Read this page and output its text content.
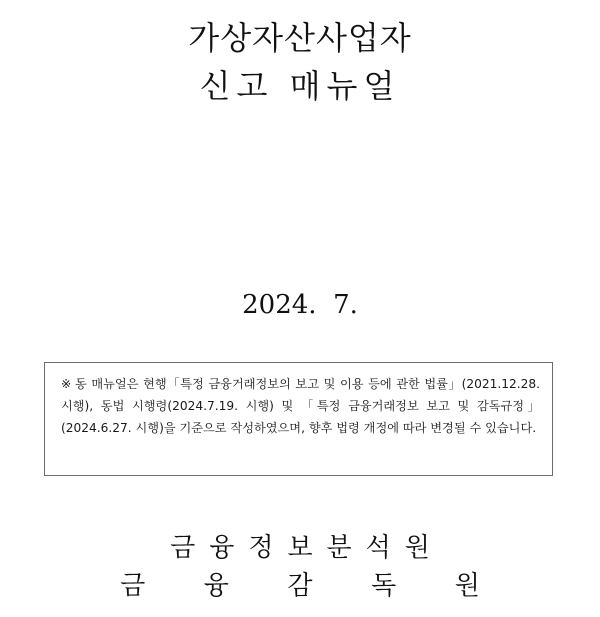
가상자산사업자

신고 매뉴얼

2024.  7.
※ 동 매뉴얼은 현행「특정 금융거래정보의 보고 및 이용 등에 관한 법률」(2021.12.28. 시행), 동법 시행령(2024.7.19. 시행) 및 「특정 금융거래정보 보고 및 감독규정」(2024.6.27. 시행)을 기준으로 작성하였으며, 향후 법령 개정에 따라 변경될 수 있습니다.

금융정보분석원

금  융  감  독  원
